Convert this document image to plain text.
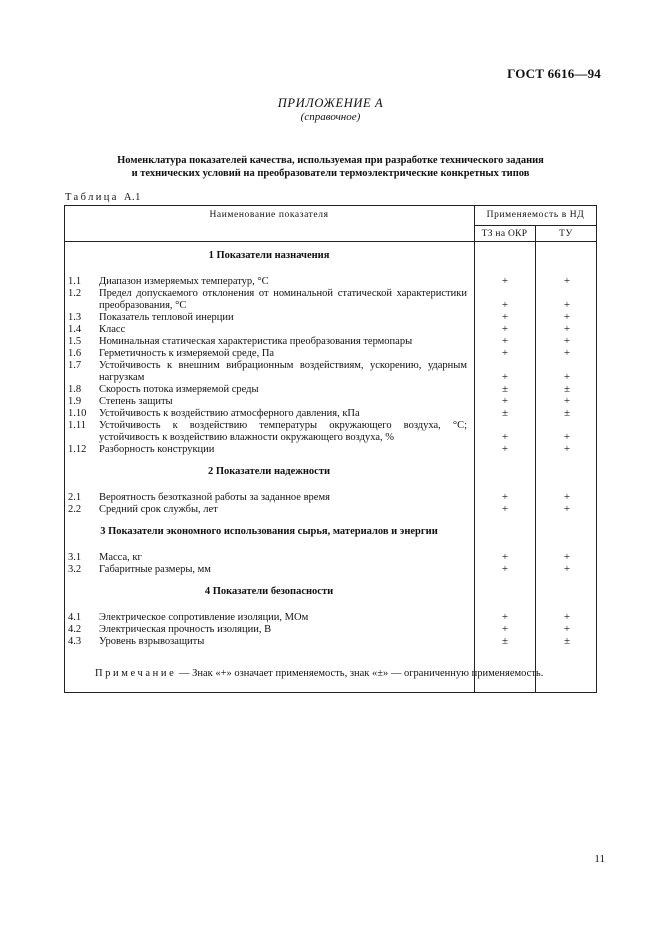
ГОСТ 6616—94
ПРИЛОЖЕНИЕ А
(справочное)
Номенклатура показателей качества, используемая при разработке технического задания
и технических условий на преобразователи термоэлектрические конкретных типов
Таблица А.1
Наименование показателя	Применяемость в НД
ТЗ на ОКР	ТУ
1 Показатели назначения
2 Показатели надежности
3 Показатели экономного использования сырья, материалов и энергии
4 Показатели безопасности
1.1 Диапазон измеряемых температур, °С	+	+
1.2 Предел допускаемого отклонения от номинальной статической характеристики преобразования, °С	+	+
1.3 Показатель тепловой инерции	+	+
1.4 Класс	+	+
1.5 Номинальная статическая характеристика преобразования термопары	+	+
1.6 Герметичность к измеряемой среде, Па	+	+
1.7 Устойчивость к внешним вибрационным воздействиям, ускорению, ударным нагрузкам	+	+
1.8 Скорость потока измеряемой среды	±	±
1.9 Степень защиты	+	+
1.10 Устойчивость к воздействию атмосферного давления, кПа	±	±
1.11 Устойчивость к воздействию температуры окружающего воздуха, °С; устойчивость к воздействию влажности окружающего воздуха, %	+	+
1.12 Разборность конструкции	+	+
2.1 Вероятность безотказной работы за заданное время	+	+
2.2 Средний срок службы, лет	+	+
3.1 Масса, кг	+	+
3.2 Габаритные размеры, мм	+	+
4.1 Электрическое сопротивление изоляции, МОм	+	+
4.2 Электрическая прочность изоляции, В	+	+
4.3 Уровень взрывозащиты	±	±
Примечание — Знак «+» означает применяемость, знак «±» — ограниченную применяемость.
11
